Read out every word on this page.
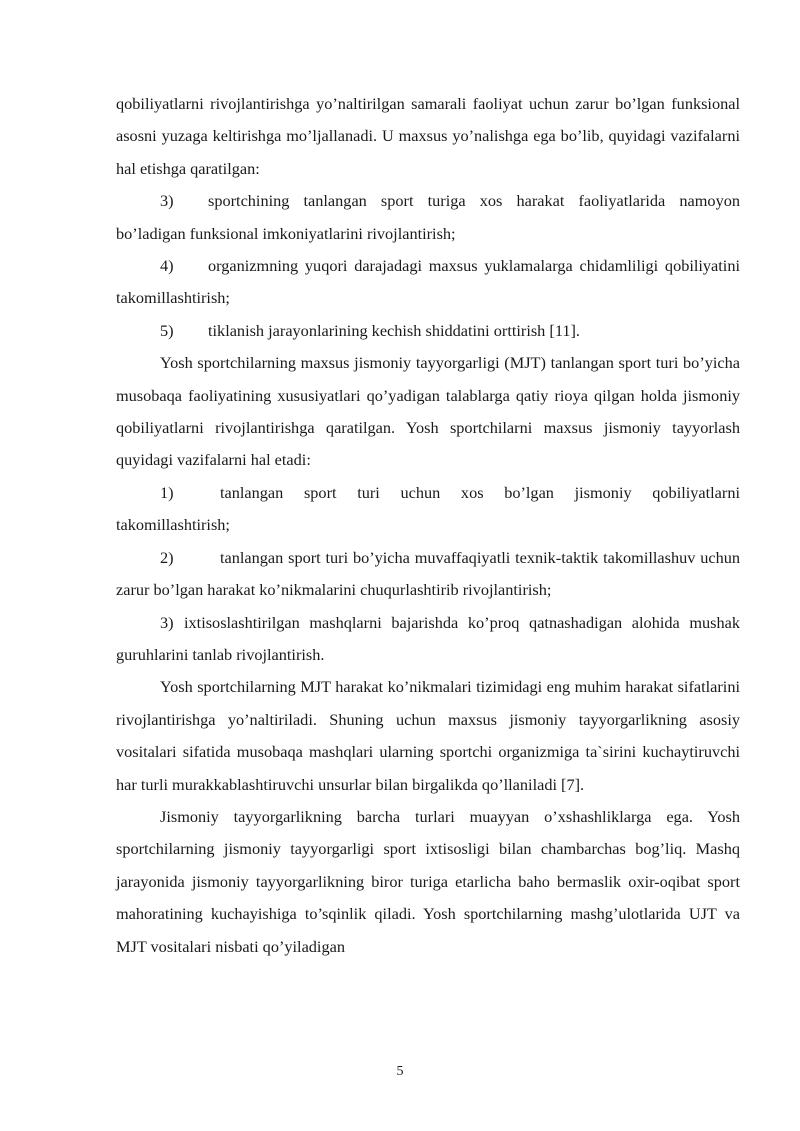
qobiliyatlarni rivojlantirishga yo’naltirilgan samarali faoliyat uchun zarur bo’lgan funksional asosni yuzaga keltirishga mo’ljallanadi. U maxsus yo’nalishga ega bo’lib, quyidagi vazifalarni hal etishga qaratilgan:

3) sportchining tanlangan sport turiga xos harakat faoliyatlarida namoyon bo’ladigan funksional imkoniyatlarini rivojlantirish;

4) organizmning yuqori darajadagi maxsus yuklamalarga chidamliligi qobiliyatini takomillashtirish;

5) tiklanish jarayonlarining kechish shiddatini orttirish [11].

Yosh sportchilarning maxsus jismoniy tayyorgarligi (MJT) tanlangan sport turi bo’yicha musobaqa faoliyatining xususiyatlari qo’yadigan talablarga qatiy rioya qilgan holda jismoniy qobiliyatlarni rivojlantirishga qaratilgan. Yosh sportchilarni maxsus jismoniy tayyorlash quyidagi vazifalarni hal etadi:

1)	tanlangan sport turi uchun xos bo’lgan jismoniy qobiliyatlarni takomillashtirish;

2)	tanlangan sport turi bo’yicha muvaffaqiyatli texnik-taktik takomillashuv uchun zarur bo’lgan harakat ko’nikmalarini chuqurlashtirib rivojlantirish;

3) ixtisoslashtirilgan mashqlarni bajarishda ko’proq qatnashadigan alohida mushak guruhlarini tanlab rivojlantirish.

Yosh sportchilarning MJT harakat ko’nikmalari tizimidagi eng muhim harakat sifatlarini rivojlantirishga yo’naltiriladi. Shuning uchun maxsus jismoniy tayyorgarlikning asosiy vositalari sifatida musobaqa mashqlari ularning sportchi organizmiga ta`sirini kuchaytiruvchi har turli murakkablashtiruvchi unsurlar bilan birgalikda qo’llaniladi [7].

Jismoniy tayyorgarlikning barcha turlari muayyan o’xshashliklarga ega. Yosh sportchilarning jismoniy tayyorgarligi sport ixtisosligi bilan chambarchas bog’liq. Mashq jarayonida jismoniy tayyorgarlikning biror turiga etarlicha baho bermaslik oxir-oqibat sport mahoratining kuchayishiga to’sqinlik qiladi. Yosh sportchilarning mashg’ulotlarida UJT va MJT vositalari nisbati qo’yiladigan

5
